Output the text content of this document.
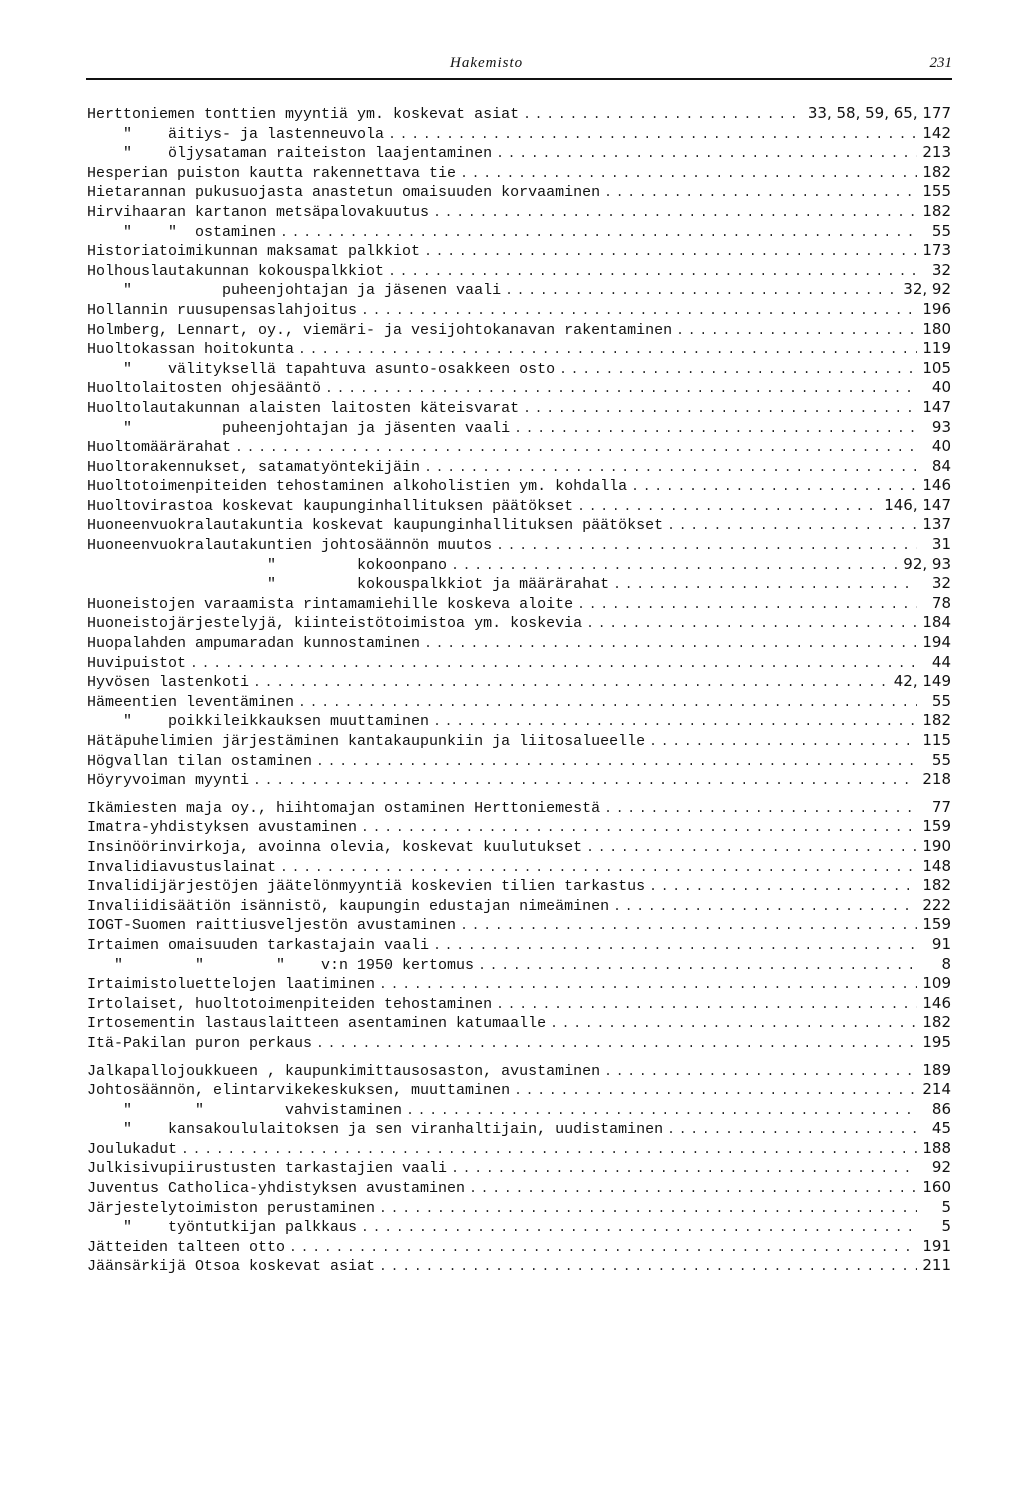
Hakemisto	231
Herttoniemen tonttien myyntiä ym. koskevat asiat . . .	33, 58, 59, 65, 177
"    äitiys- ja lastenneuvola . . .	142
"    öljysataman raiteiston laajentaminen . . .	213
Hesperian puiston kautta rakennettava tie . . .	182
Hietarannan pukusuojasta anastetun omaisuuden korvaaminen . . .	155
Hirvihaaran kartanon metsäpalovakuutus . . .	182
"    "  ostaminen . . .	55
Historiatoimikunnan maksamat palkkiot . . .	173
Holhouslautakunnan kokouspalkkiot . . .	32
"          puheenjohtajan ja jäsenen vaali . . .	32, 92
Hollannin ruusupensaslahjoitus . . .	196
Holmberg, Lennart, oy., viemäri- ja vesijohtokanavan rakentaminen . . .	180
Huoltokassan hoitokunta . . .	119
"    välityksellä tapahtuva asunto-osakkeen osto . . .	105
Huoltolaitosten ohjesääntö . . .	40
Huoltolautakunnan alaisten laitosten käteisvarat . . .	147
"          puheenjohtajan ja jäsenten vaali . . .	93
Huoltomäärärahat . . .	40
Huoltorakennukset, satamatyöntekijäin . . .	84
Huoltotoimenpiteiden tehostaminen alkoholistien ym. kohdalla . . .	146
Huoltovirastoa koskevat kaupunginhallituksen päätökset . . .	146, 147
Huoneenvuokralautakuntia koskevat kaupunginhallituksen päätökset . . .	137
Huoneenvuokralautakuntien johtosäännön muutos . . .	31
"         kokoonpano . . .	92, 93
"         kokouspalkkiot ja määrärahat . . .	32
Huoneistojen varaamista rintamamiehille koskeva aloite . . .	78
Huoneistojärjestelyjä, kiinteistötoimistoa ym. koskevia . . .	184
Huopalahden ampumaradan kunnostaminen . . .	194
Huvipuistot . . .	44
Hyvösen lastenkoti . . .	42, 149
Hämeentien leventäminen . . .	55
"    poikkileikkauksen muuttaminen . . .	182
Hätäpuhelimien järjestäminen kantakaupunkiin ja liitosalueelle . . .	115
Högvallan tilan ostaminen . . .	55
Höyryvoiman myynti . . .	218
Ikämiesten maja oy., hiihtomajan ostaminen Herttoniemestä . . .	77
Imatra-yhdistyksen avustaminen . . .	159
Insinöörinvirkoja, avoinna olevia, koskevat kuulutukset . . .	190
Invalidiavustuslainat . . .	148
Invalidijärjestöjen jäätelönmyyntiä koskevien tilien tarkastus . . .	182
Invaliidisäätiön isännistö, kaupungin edustajan nimeäminen . . .	222
IOGT-Suomen raittiusveljestön avustaminen . . .	159
Irtaimen omaisuuden tarkastajain vaali . . .	91
"        "        "    v:n 1950 kertomus . . .	8
Irtaimistoluettelojen laatiminen . . .	109
Irtolaiset, huoltotoimenpiteiden tehostaminen . . .	146
Irtosementin lastauslaitteen asentaminen katumaalle . . .	182
Itä-Pakilan puron perkaus . . .	195
Jalkapallojoukkueen , kaupunkimittausosaston, avustaminen . . .	189
Johtosäännön, elintarvikekeskuksen, muuttaminen . . .	214
"       "         vahvistaminen . . .	86
"    kansakoululaitoksen ja sen viranhaltijain, uudistaminen . . .	45
Joulukadut . . .	188
Julkisivupiirustusten tarkastajien vaali . . .	92
Juventus Catholica-yhdistyksen avustaminen . . .	160
Järjestelytoimiston perustaminen . . .	5
"    työntutkijan palkkaus . . .	5
Jätteiden talteen otto . . .	191
Jäänsärkijä Otsoa koskevat asiat . . .	211
